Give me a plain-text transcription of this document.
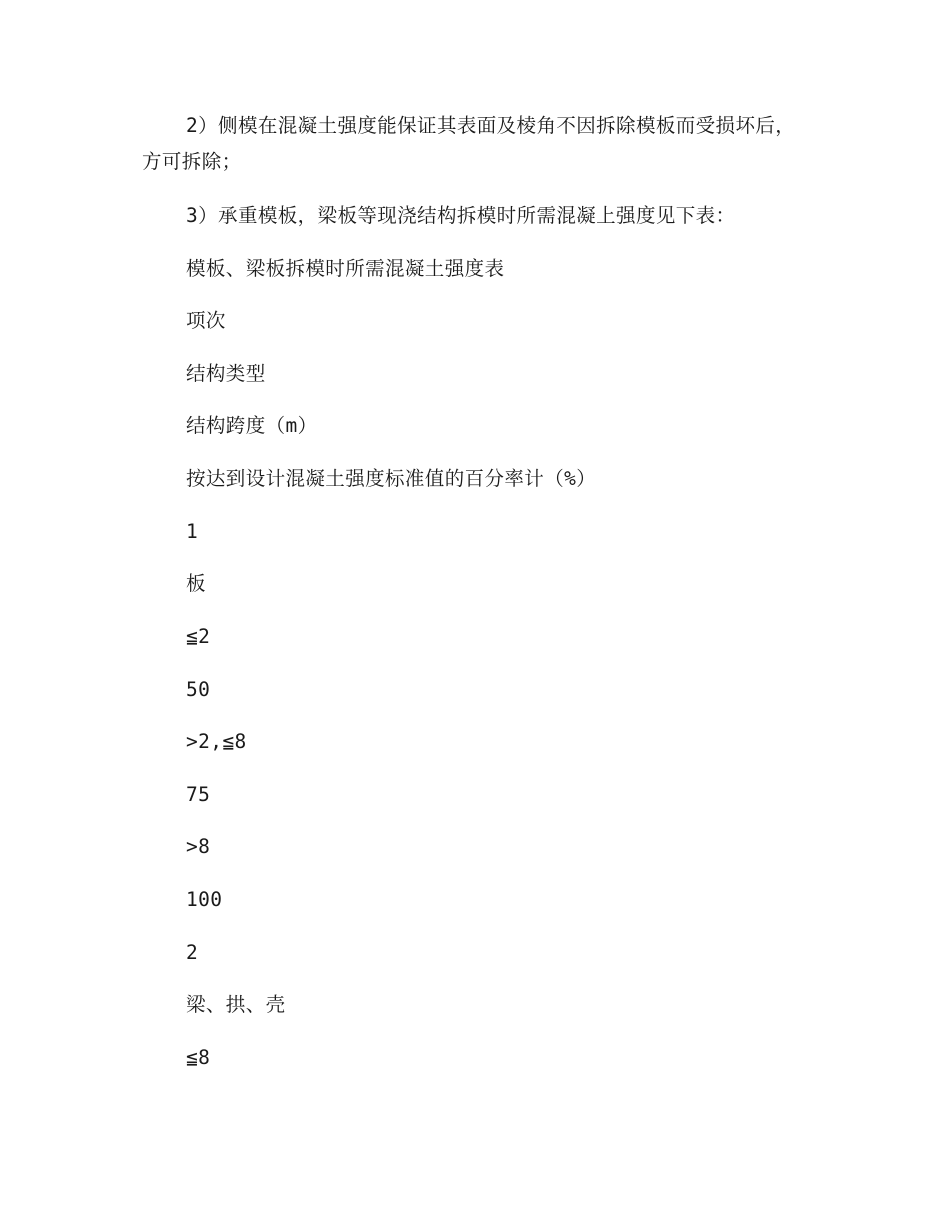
2）侧模在混凝土强度能保证其表面及棱角不因拆除模板而受损坏后，方可拆除；

3）承重模板，梁板等现浇结构拆模时所需混凝上强度见下表：
模板、梁板拆模时所需混凝土强度表
项次
结构类型
结构跨度（m）
按达到设计混凝土强度标准值的百分率计（%）
1
板
≦2
50
>2,≦8
75
>8
100
2
梁、拱、壳
≦8
